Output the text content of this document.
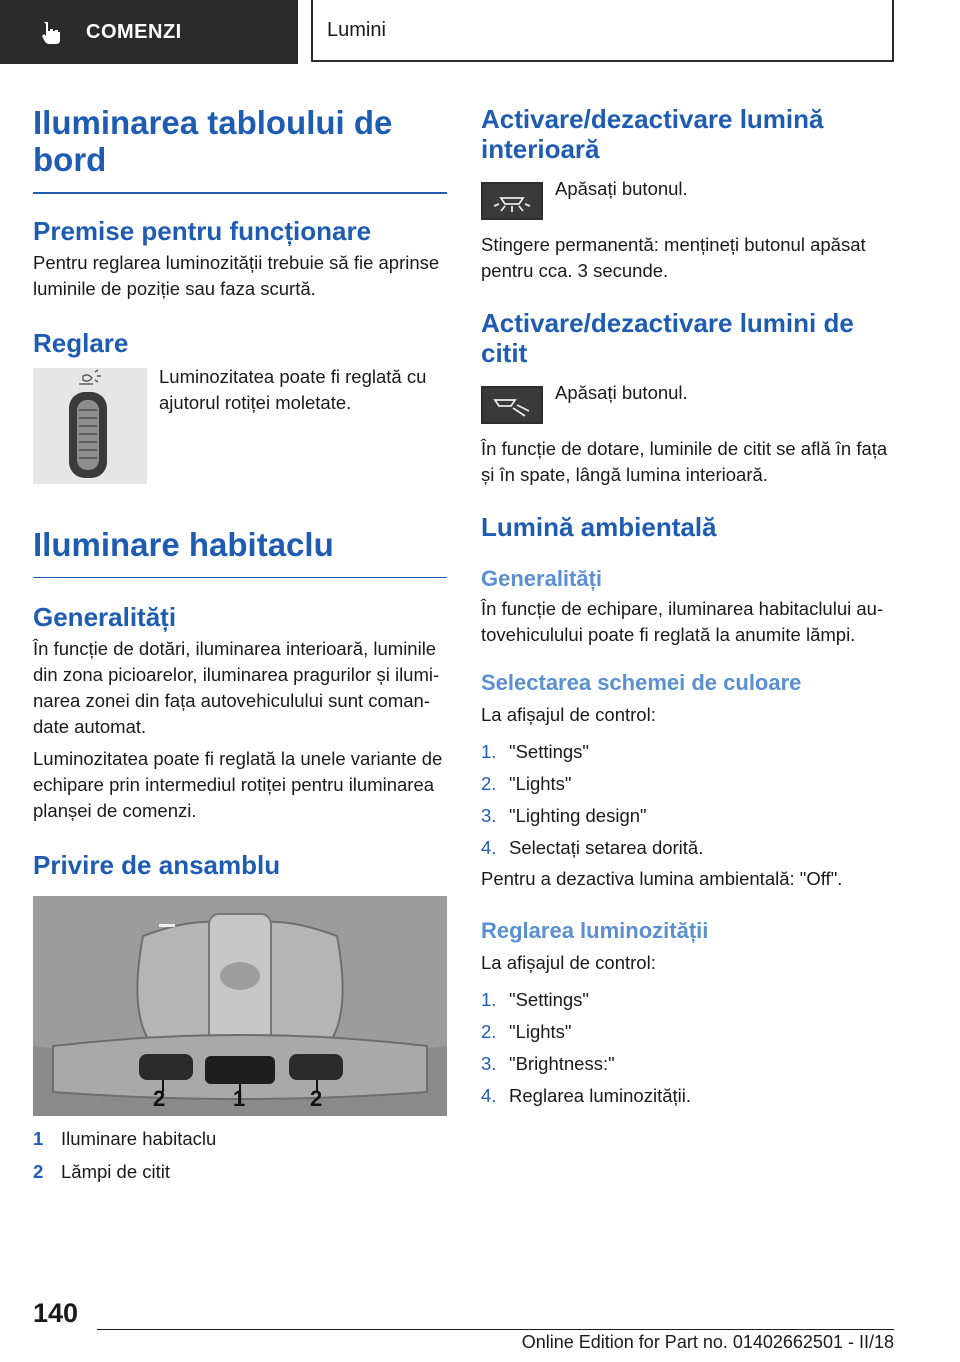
COMENZI	Lumini
Iluminarea tabloului de bord
Premise pentru funcționare

Pentru reglarea luminozității trebuie să fie aprinse luminile de poziție sau faza scurtă.

Reglare

Luminozitatea poate fi reglată cu ajutorul rotiței moletate.

Iluminare habitaclu
Generalități

În funcție de dotări, iluminarea interioară, luminile din zona picioarelor, iluminarea pragurilor și iluminarea zonei din fața autovehiculului sunt comandate automat.

Luminozitatea poate fi reglată la unele variante de echipare prin intermediul rotiței pentru iluminarea planșei de comenzi.

Privire de ansamblu
2	1	2
1 Iluminare habitaclu
2 Lămpi de citit
Activare/dezactivare lumină interioară

Apăsați butonul.

Stingere permanentă: mențineți butonul apăsat pentru cca. 3 secunde.

Activare/dezactivare lumini de citit

Apăsați butonul.

În funcție de dotare, luminile de citit se află în fața și în spate, lângă lumina interioară.

Lumină ambientală
Generalități

În funcție de echipare, iluminarea habitaclului autovehiculului poate fi reglată la anumite lămpi.

Selectarea schemei de culoare

La afișajul de control:

1. "Settings"
2. "Lights"
3. "Lighting design"
4. Selectați setarea dorită.

Pentru a dezactiva lumina ambientală: "Off".

Reglarea luminozității

La afișajul de control:

1. "Settings"
2. "Lights"
3. "Brightness:"
4. Reglarea luminozității.
140
Online Edition for Part no. 01402662501 - II/18
